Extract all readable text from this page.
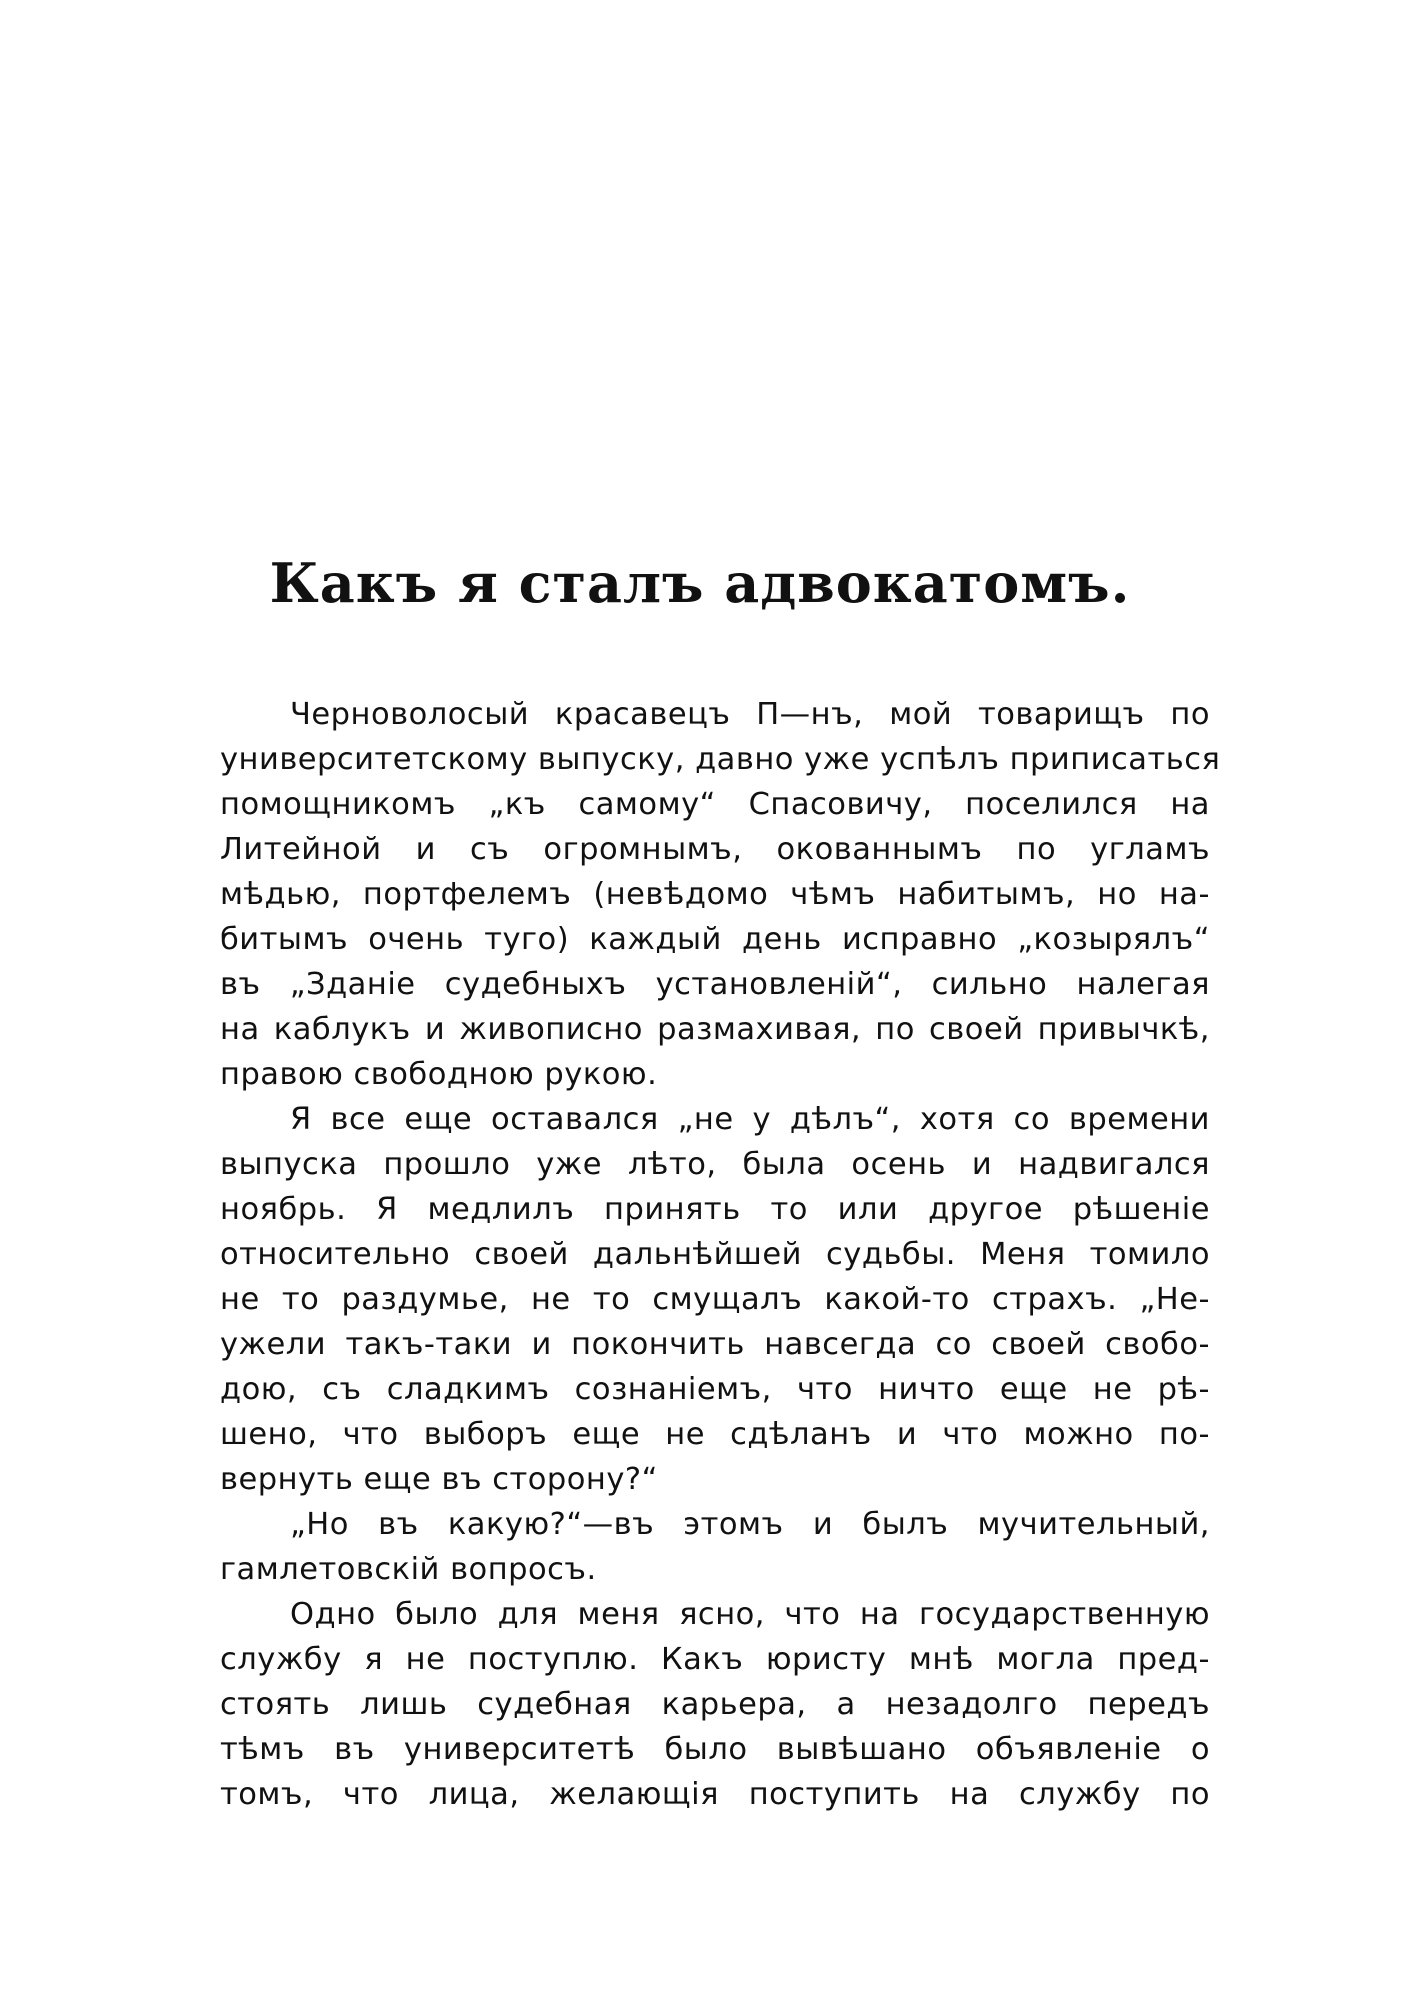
Какъ я сталъ адвокатомъ.
Черноволосый красавецъ П—нъ, мой товарищъ по
университетскому выпуску, давно уже успѣлъ приписаться
помощникомъ „къ самому“ Спасовичу, поселился на
Литейной и съ огромнымъ, окованнымъ по угламъ
мѣдью, портфелемъ (невѣдомо чѣмъ набитымъ, но на-
битымъ очень туго) каждый день исправно „козырялъ“
въ „Зданіе судебныхъ установленій“, сильно налегая
на каблукъ и живописно размахивая, по своей привычкѣ,
правою свободною рукою.
Я все еще оставался „не у дѣлъ“, хотя со времени
выпуска прошло уже лѣто, была осень и надвигался
ноябрь. Я медлилъ принять то или другое рѣшеніе
относительно своей дальнѣйшей судьбы. Меня томило
не то раздумье, не то смущалъ какой-то страхъ. „Не-
ужели такъ-таки и покончить навсегда со своей свобо-
дою, съ сладкимъ сознаніемъ, что ничто еще не рѣ-
шено, что выборъ еще не сдѣланъ и что можно по-
вернуть еще въ сторону?“
„Но въ какую?“—въ этомъ и былъ мучительный,
гамлетовскій вопросъ.
Одно было для меня ясно, что на государственную
службу я не поступлю. Какъ юристу мнѣ могла пред-
стоять лишь судебная карьера, а незадолго передъ
тѣмъ въ университетѣ было вывѣшано объявленіе о
томъ, что лица, желающія поступить на службу по
